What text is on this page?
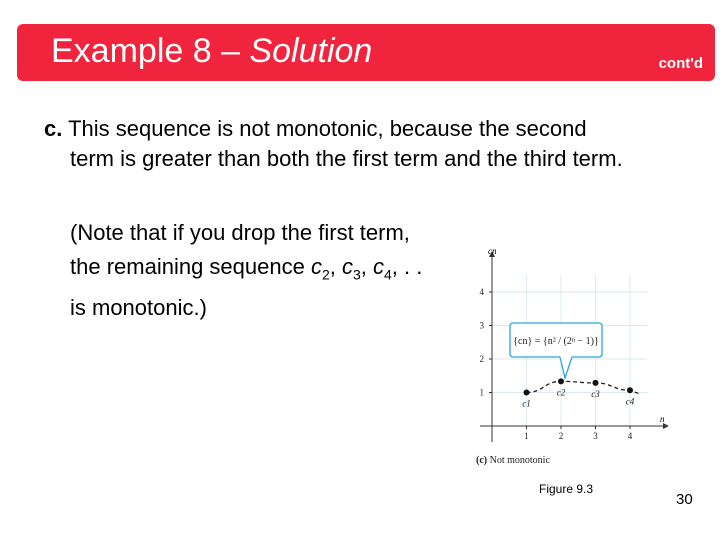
Example 8 – Solution	cont'd
c. This sequence is not monotonic, because the second
term is greater than both the first term and the third term.
(Note that if you drop the first term,
the remaining sequence $c_2$, $c_3$, $c_4$, . .
is monotonic.)
cn
n
1
2
3
4
1	2	3	4
c1
c2	c3
c4
{cn} = {n² / (2ⁿ − 1)}
(c) Not monotonic
Figure 9.3
30
